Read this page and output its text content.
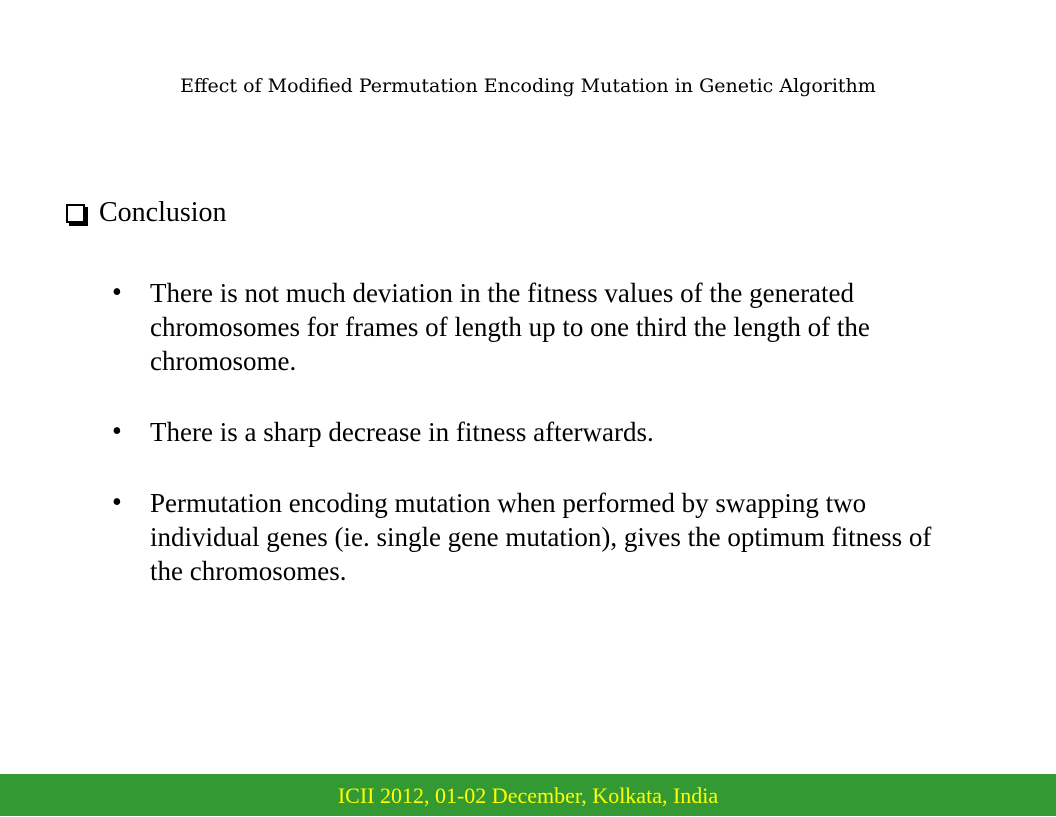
Effect of Modified Permutation Encoding Mutation in Genetic Algorithm
Conclusion
•	There is not much deviation in the fitness values of the generated chromosomes for frames of length up to one third the length of the chromosome.
•	There is a sharp decrease in fitness afterwards.
•	Permutation encoding mutation when performed by swapping two individual genes (ie. single gene mutation), gives the optimum fitness of the chromosomes.
ICII 2012, 01-02 December, Kolkata, India
